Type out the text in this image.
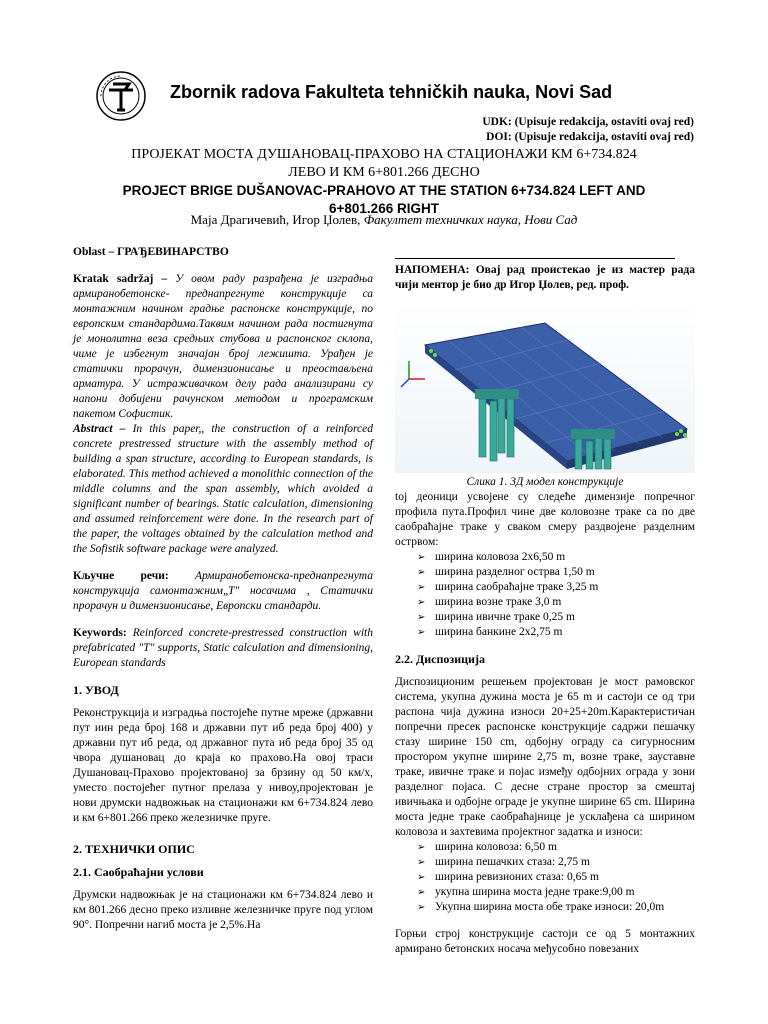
Zbornik radova Fakulteta tehničkih nauka, Novi Sad
UDK: (Upisuje redakcija, ostaviti ovaj red)
DOI: (Upisuje redakcija, ostaviti ovaj red)
ПРОЈЕКАТ МОСТА ДУШАНОВАЦ-ПРАХОВО НА СТАЦИОНАЖИ КМ 6+734.824
ЛЕВО И КМ 6+801.266 ДЕСНО
PROJECT BRIGE DUŠANOVAC-PRAHOVO AT THE STATION 6+734.824 LEFT AND
6+801.266 RIGHT
Маја Драгичевић, Игор Џолев, Факултет техничких наука, Нови Сад
Oblast – ГРАЂЕВИНАРСТВО

Kratak sadržaj – У овом раду разрађена је изградња армиранобетонске- преднапрегнуте конструкције са монтажним начином градње распонске конструкције, по европским стандардима.Таквим начином рада постигнута је монолитна веза средњих стубова и распонског склопа, чиме је избегнут значајан број лежишта. Урађен је статички прорачун, димензионисање и преостављена арматура. У истраживачком делу рада анализирани су напони добијени рачунском методом и програмским пакетом Софистик.

Abstract – In this paper,, the construction of a reinforced concrete prestressed structure with the assembly method of building a span structure, according to European standards, is elaborated. This method achieved a monolithic connection of the middle columns and the span assembly, which avoided a significant number of bearings. Static calculation, dimensioning and assumed reinforcement were done. In the research part of the paper, the voltages obtained by the calculation method and the Sofistik software package were analyzed.

Кључне речи: Армиранобетонска-преднапрегнута конструкција самонтажним„Т" носачима , Статички прорачун и димензионисање, Европски стандарди.

Keywords: Reinforced concrete-prestressed construction with prefabricated "T" supports, Static calculation and dimensioning, European standards

1. УВОД

Реконструкција и изградња постојеће путне мреже (државни пут иин реда број 168 и државни пут иб реда број 400) у државни пут иб реда, од државног пута иб реда број 35 од чвора душановац до краја ко праховo.На овој траси Душановац-Прахово пројектованој за брзину од 50 км/х, уместо постојећег путног прелаза у нивоу,пројектован је нови друмски надвожњак на стационажи км 6+734.824 лево и км 6+801.266 преко железничке пруге.

2. ТЕХНИЧКИ ОПИС
2.1. Саобраћајни услови

Друмски надвожњак је на стационажи км 6+734.824 лево и км 801.266 десно преко изливне железничке пруге под углом 90°. Попречни нагиб моста је 2,5%.На

НАПОМЕНА: Овај рад проистекао је из мастер рада чији ментор је био др Игор Џолев, ред. проф.

Слика 1. 3Д модел конструкције

toj деоници усвојене су следеће димензије попречног профила пута.Профил чине две коловозне траке са по две саобраћајне траке у сваком смеру раздвојене разделним острвом:

➢ ширина коловоза 2x6,50 m
➢ ширина разделног острва 1,50 m
➢ ширина саобраћајне траке 3,25 m
➢ ширина возне траке 3,0 m
➢ ширина ивичне траке 0,25 m
➢ ширина банкине 2x2,75 m
2.2. Диспозиција

Диспозиционим решењем пројектован је мост рамовског система, укупна дужина моста је 65 m и састоји се од три распона чија дужина износи 20+25+20m.Карактеристичан попречни пресек распонске конструкције садржи пешачку стазу ширине 150 cm, одбојну ограду са сигурносним простором укупне ширине 2,75 m, возне траке, зауставне траке, ивичне траке и појас између одбојних ограда у зони разделног појаса. С десне стране простор за смештај ивичњака и одбојне ограде је укупне ширине 65 cm. Ширина моста једне траке саобраћајнице је усклађена са ширином коловоза и захтевима пројектног задатка и износи:

➢ ширина коловоза: 6,50 m
➢ ширина пешачких стаза: 2,75 m
➢ ширина ревизионих стаза: 0,65 m
➢ укупна ширина моста једне траке:9,00 m
➢ Укупна ширина моста обе траке износи: 20,0m

Горњи строј конструкције састоји се од 5 монтажних армирано бетонских носача међусобно повезаних
